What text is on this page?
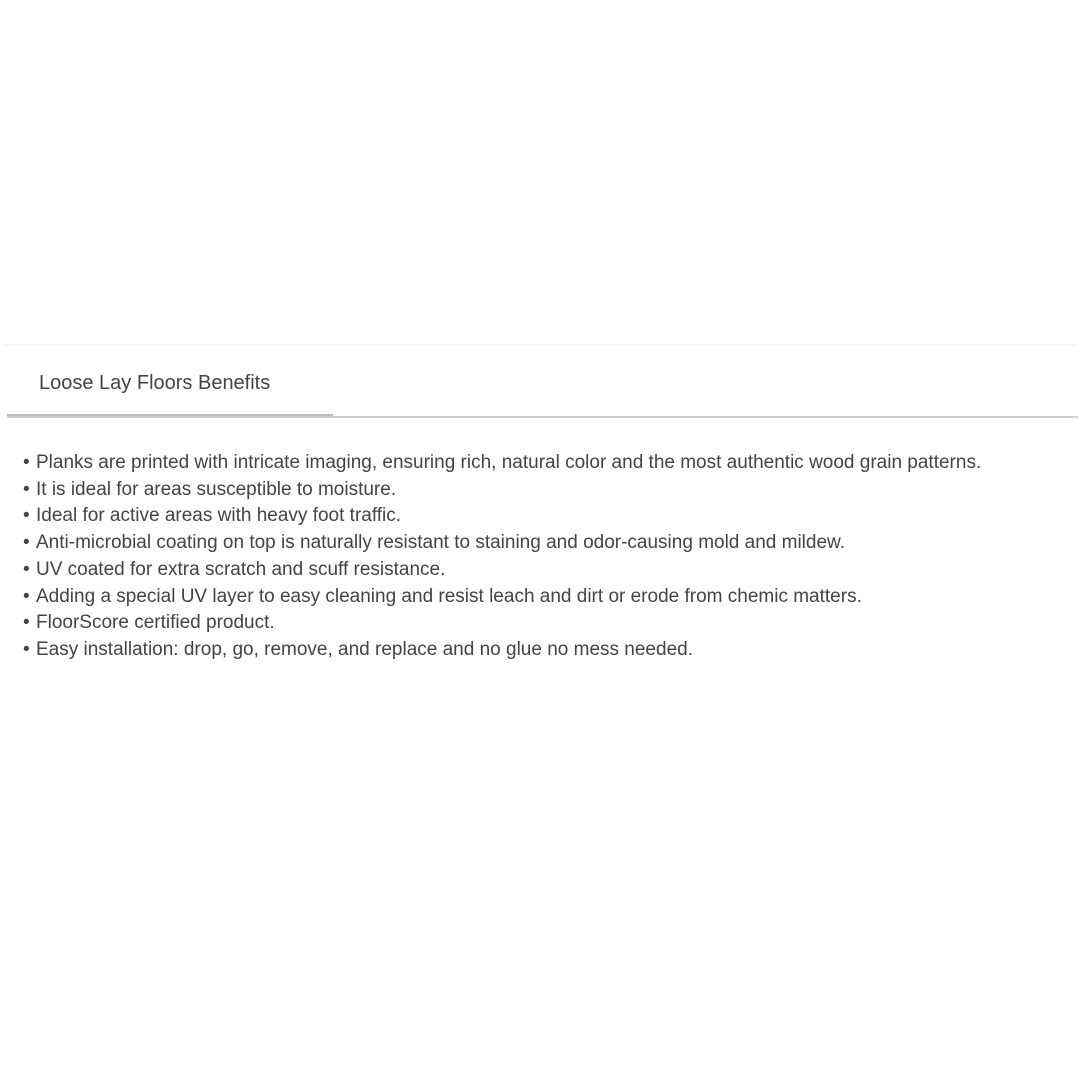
Loose Lay Floors Benefits
• Planks are printed with intricate imaging, ensuring rich, natural color and the most authentic wood grain patterns.
• It is ideal for areas susceptible to moisture.
• Ideal for active areas with heavy foot traffic.
• Anti-microbial coating on top is naturally resistant to staining and odor-causing mold and mildew.
• UV coated for extra scratch and scuff resistance.
• Adding a special UV layer to easy cleaning and resist leach and dirt or erode from chemic matters.
• FloorScore certified product.
• Easy installation: drop, go, remove, and replace and no glue no mess needed.
